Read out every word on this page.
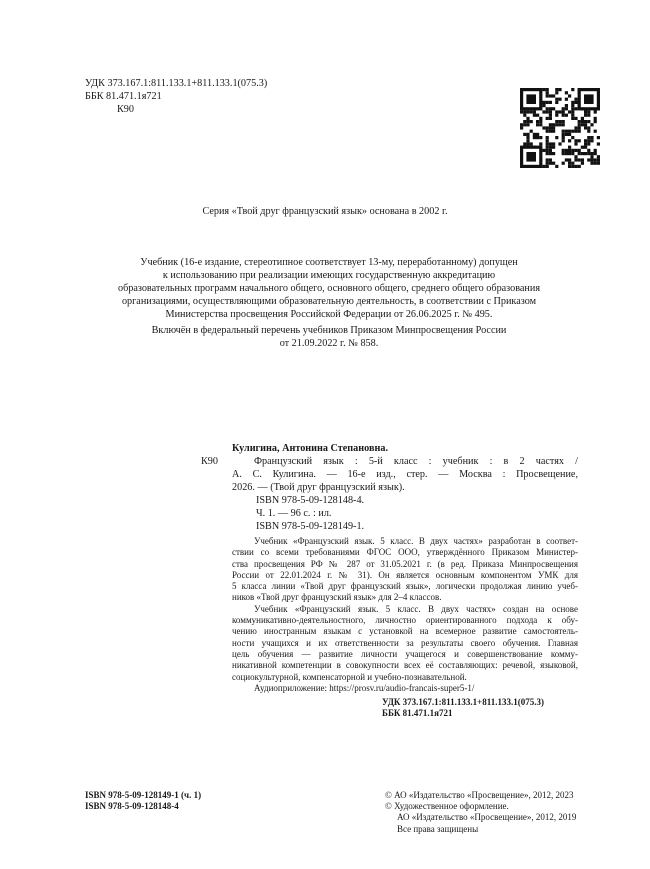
УДК 373.167.1:811.133.1+811.133.1(075.3)
ББК 81.471.1я721
К90
Серия «Твой друг французский язык» основана в 2002 г.
Учебник (16-е издание, стереотипное соответствует 13-му, переработанному) допущен
к использованию при реализации имеющих государственную аккредитацию
образовательных программ начального общего, основного общего, среднего общего образования
организациями, осуществляющими образовательную деятельность, в соответствии с Приказом
Министерства просвещения Российской Федерации от 26.06.2025 г. № 495.
Включён в федеральный перечень учебников Приказом Минпросвещения России
от 21.09.2022 г. № 858.
К90
Кулигина, Антонина Степановна.
Французский язык : 5-й класс : учебник : в 2 частях /
А. С. Кулигина. — 16-е изд., стер. — Москва : Просвещение,
2026. — (Твой друг французский язык).
ISBN 978-5-09-128148-4.
Ч. 1. — 96 с. : ил.
ISBN 978-5-09-128149-1.
Учебник «Французский язык. 5 класс. В двух частях» разработан в соответ-
ствии со всеми требованиями ФГОС ООО, утверждённого Приказом Министер-
ства просвещения РФ № 287 от 31.05.2021 г. (в ред. Приказа Минпросвещения
России от 22.01.2024 г. № 31). Он является основным компонентом УМК для
5 класса линии «Твой друг французский язык», логически продолжая линию учеб-
ников «Твой друг французский язык» для 2–4 классов.
Учебник «Французский язык. 5 класс. В двух частях» создан на основе
коммуникативно-деятельностного, личностно ориентированного подхода к обу-
чению иностранным языкам с установкой на всемерное развитие самостоятель-
ности учащихся и их ответственности за результаты своего обучения. Главная
цель обучения — развитие личности учащегося и совершенствование комму-
никативной компетенции в совокупности всех её составляющих: речевой, языковой,
социокультурной, компенсаторной и учебно-познавательной.
Аудиоприложение: https://prosv.ru/audio-francais-super5-1/
УДК 373.167.1:811.133.1+811.133.1(075.3)
ББК 81.471.1я721
ISBN 978-5-09-128149-1 (ч. 1)
ISBN 978-5-09-128148-4
© АО «Издательство «Просвещение», 2012, 2023
© Художественное оформление.
АО «Издательство «Просвещение», 2012, 2019
Все права защищены
